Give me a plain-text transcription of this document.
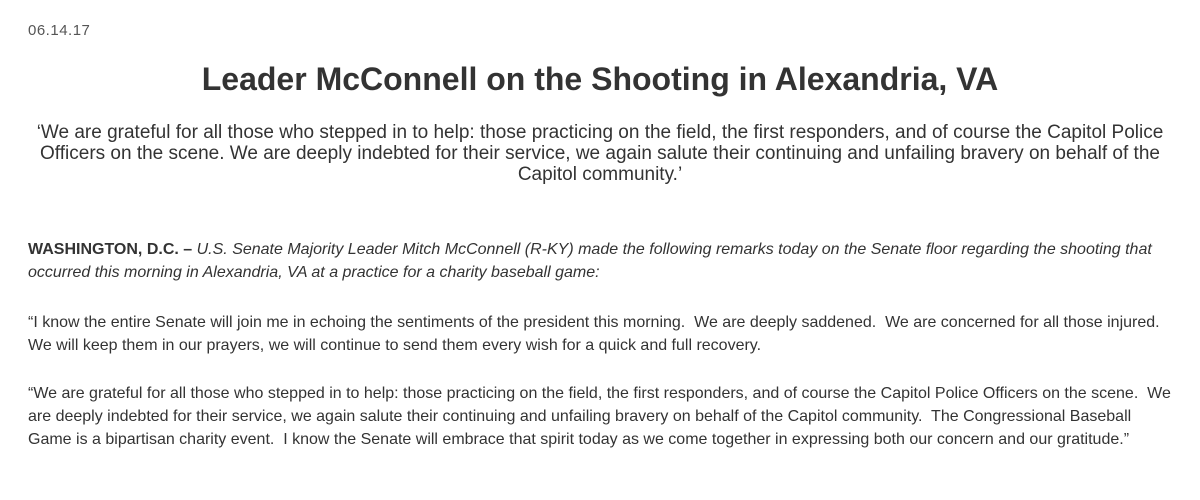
06.14.17
Leader McConnell on the Shooting in Alexandria, VA

‘We are grateful for all those who stepped in to help: those practicing on the field, the first responders, and of course the Capitol Police Officers on the scene. We are deeply indebted for their service, we again salute their continuing and unfailing bravery on behalf of the Capitol community.’

WASHINGTON, D.C. – U.S. Senate Majority Leader Mitch McConnell (R-KY) made the following remarks today on the Senate floor regarding the shooting that occurred this morning in Alexandria, VA at a practice for a charity baseball game:

“I know the entire Senate will join me in echoing the sentiments of the president this morning.  We are deeply saddened.  We are concerned for all those injured.  We will keep them in our prayers, we will continue to send them every wish for a quick and full recovery.

“We are grateful for all those who stepped in to help: those practicing on the field, the first responders, and of course the Capitol Police Officers on the scene.  We are deeply indebted for their service, we again salute their continuing and unfailing bravery on behalf of the Capitol community.  The Congressional Baseball Game is a bipartisan charity event.  I know the Senate will embrace that spirit today as we come together in expressing both our concern and our gratitude.”
